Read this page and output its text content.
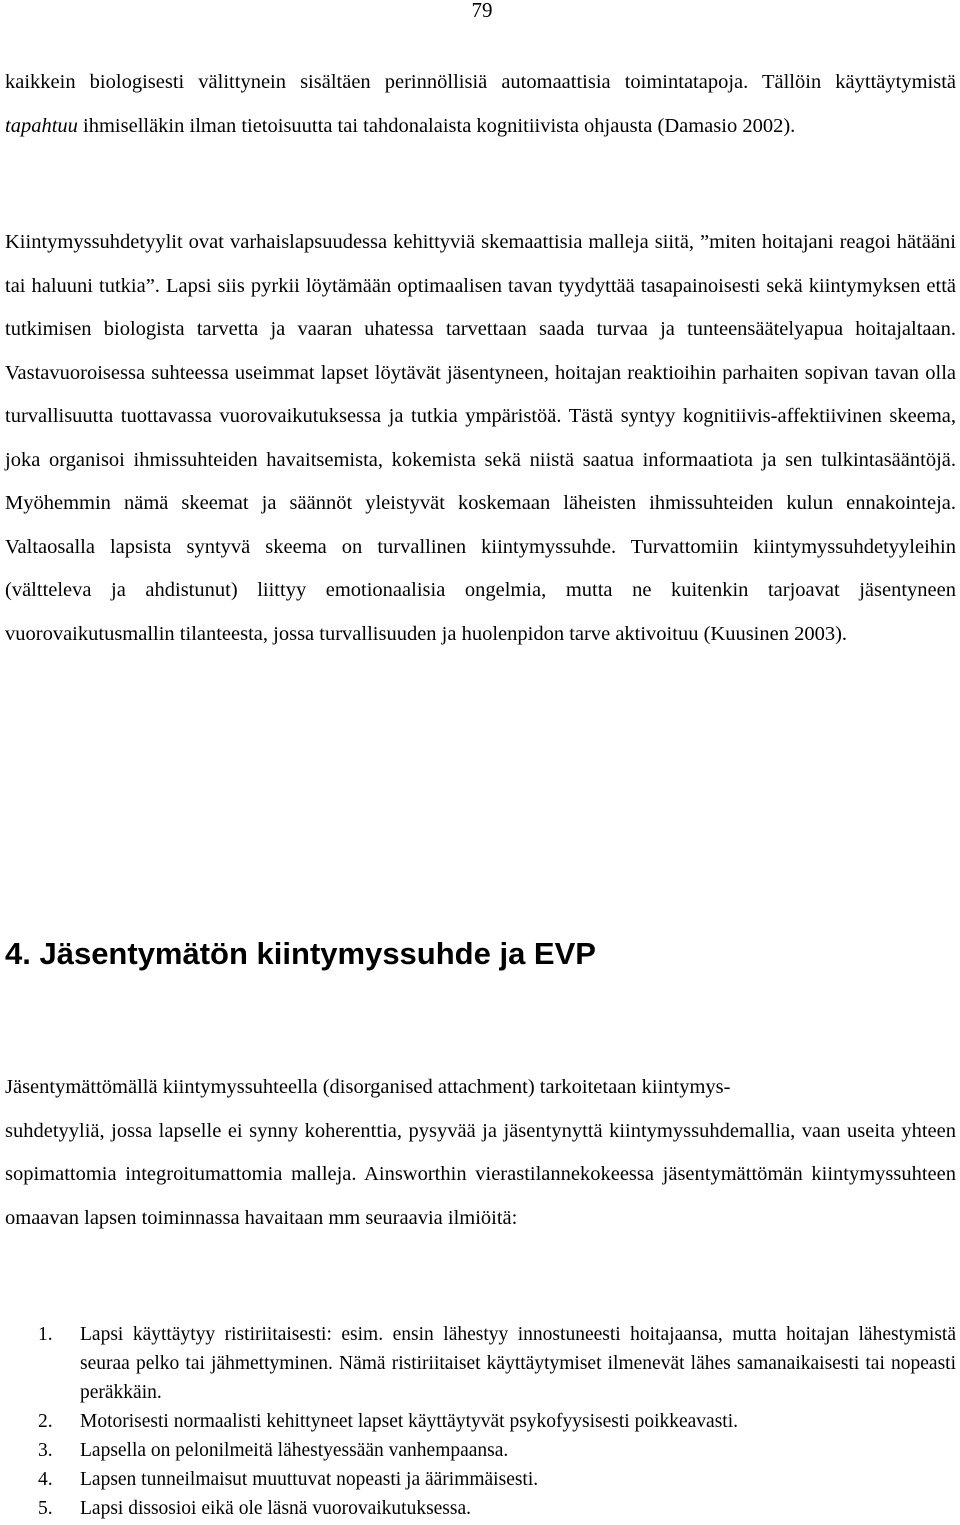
79

kaikkein biologisesti välittynein sisältäen perinnöllisiä automaattisia toimintatapoja. Tällöin käyttäytymistä tapahtuu ihmiselläkin ilman tietoisuutta tai tahdonalaista kognitiivista ohjausta (Damasio 2002).

Kiintymyssuhdetyylit ovat varhaislapsuudessa kehittyviä skemaattisia malleja siitä, ”miten hoitajani reagoi hätääni tai haluuni tutkia”. Lapsi siis pyrkii löytämään optimaalisen tavan tyydyttää tasapainoisesti sekä kiintymyksen että tutkimisen biologista tarvetta ja vaaran uhatessa tarvettaan saada turvaa ja tunteensäätelyapua hoitajaltaan. Vastavuoroisessa suhteessa useimmat lapset löytävät jäsentyneen, hoitajan reaktioihin parhaiten sopivan tavan olla turvallisuutta tuottavassa vuorovaikutuksessa ja tutkia ympäristöä. Tästä syntyy kognitiivis-affektiivinen skeema, joka organisoi ihmissuhteiden havaitsemista, kokemista sekä niistä saatua informaatiota ja sen tulkintasääntöjä. Myöhemmin nämä skeemat ja säännöt yleistyvät koskemaan läheisten ihmissuhteiden kulun ennakointeja. Valtaosalla lapsista syntyvä skeema on turvallinen kiintymyssuhde. Turvattomiin kiintymyssuhdetyyleihin (vältteleva ja ahdistunut) liittyy emotionaalisia ongelmia, mutta ne kuitenkin tarjoavat jäsentyneen vuorovaikutusmallin tilanteesta, jossa turvallisuuden ja huolenpidon tarve aktivoituu (Kuusinen 2003).

4. Jäsentymätön kiintymyssuhde ja EVP

Jäsentymättömällä kiintymyssuhteella (disorganised attachment) tarkoitetaan kiintymys-
suhdetyyliä, jossa lapselle ei synny koherenttia, pysyvää ja jäsentynyttä kiintymyssuhdemallia, vaan useita yhteen sopimattomia integroitumattomia malleja. Ainsworthin vierastilannekokeessa jäsentymättömän kiintymyssuhteen omaavan lapsen toiminnassa havaitaan mm seuraavia ilmiöitä:

1. Lapsi käyttäytyy ristiriitaisesti: esim. ensin lähestyy innostuneesti hoitajaansa, mutta hoitajan lähestymistä seuraa pelko tai jähmettyminen. Nämä ristiriitaiset käyttäytymiset ilmenevät lähes samanaikaisesti tai nopeasti peräkkäin.
2. Motorisesti normaalisti kehittyneet lapset käyttäytyvät psykofyysisesti poikkeavasti.
3. Lapsella on pelonilmeitä lähestyessään vanhempaansa.
4. Lapsen tunneilmaisut muuttuvat nopeasti ja äärimmäisesti.
5. Lapsi dissosioi eikä ole läsnä vuorovaikutuksessa.
